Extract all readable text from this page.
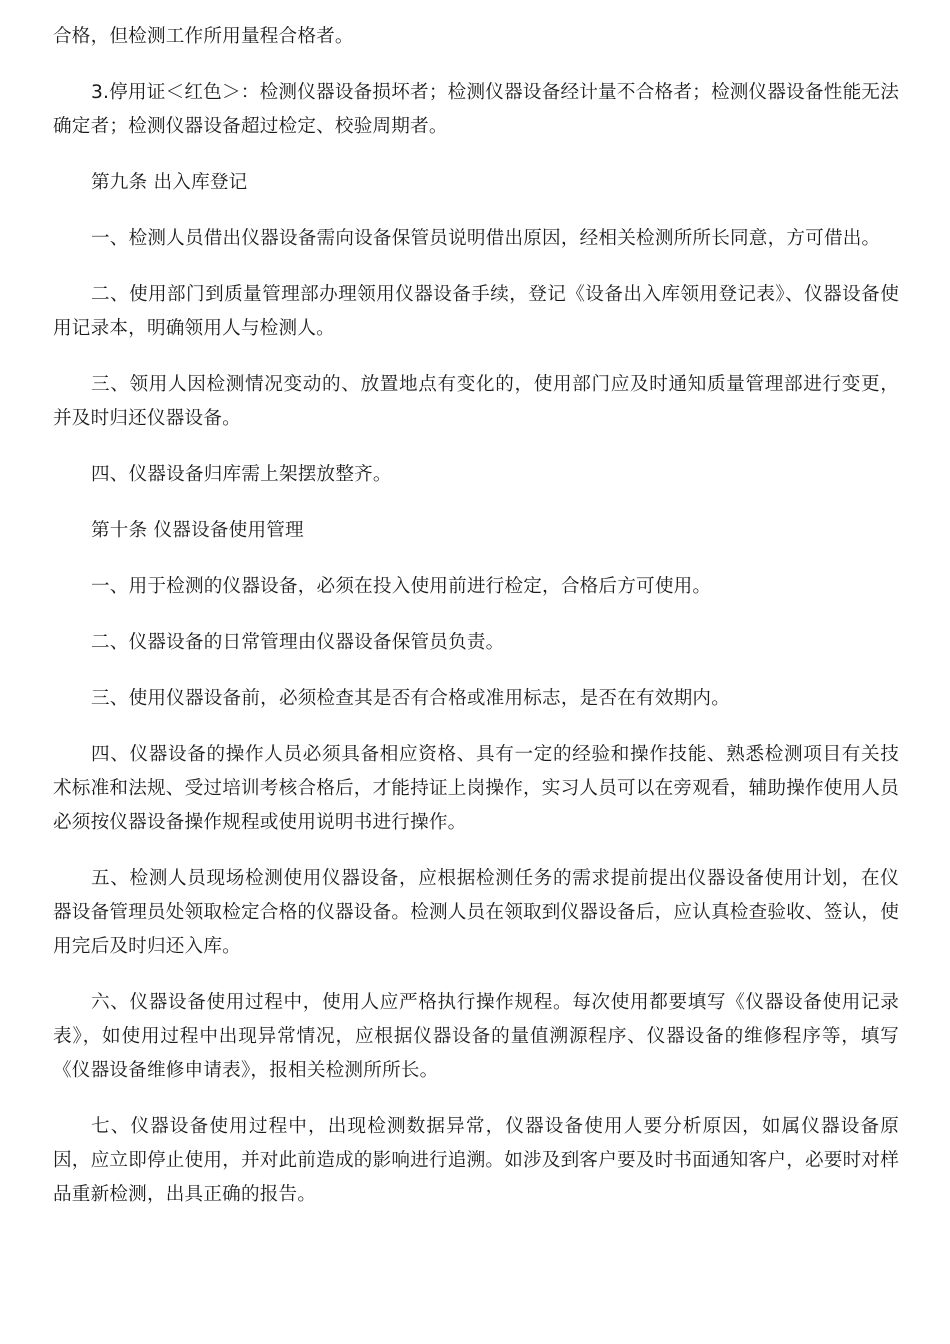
合格，但检测工作所用量程合格者。

3.停用证＜红色＞：检测仪器设备损坏者；检测仪器设备经计量不合格者；检测仪器设备性能无法确定者；检测仪器设备超过检定、校验周期者。

第九条 出入库登记

一、检测人员借出仪器设备需向设备保管员说明借出原因，经相关检测所所长同意，方可借出。

二、使用部门到质量管理部办理领用仪器设备手续，登记《设备出入库领用登记表》、仪器设备使用记录本，明确领用人与检测人。

三、领用人因检测情况变动的、放置地点有变化的，使用部门应及时通知质量管理部进行变更，并及时归还仪器设备。

四、仪器设备归库需上架摆放整齐。

第十条 仪器设备使用管理

一、用于检测的仪器设备，必须在投入使用前进行检定，合格后方可使用。

二、仪器设备的日常管理由仪器设备保管员负责。

三、使用仪器设备前，必须检查其是否有合格或准用标志，是否在有效期内。

四、仪器设备的操作人员必须具备相应资格、具有一定的经验和操作技能、熟悉检测项目有关技术标准和法规、受过培训考核合格后，才能持证上岗操作，实习人员可以在旁观看，辅助操作使用人员必须按仪器设备操作规程或使用说明书进行操作。

五、检测人员现场检测使用仪器设备，应根据检测任务的需求提前提出仪器设备使用计划，在仪器设备管理员处领取检定合格的仪器设备。检测人员在领取到仪器设备后，应认真检查验收、签认，使用完后及时归还入库。

六、仪器设备使用过程中，使用人应严格执行操作规程。每次使用都要填写《仪器设备使用记录表》，如使用过程中出现异常情况，应根据仪器设备的量值溯源程序、仪器设备的维修程序等，填写《仪器设备维修申请表》，报相关检测所所长。

七、仪器设备使用过程中，出现检测数据异常，仪器设备使用人要分析原因，如属仪器设备原因，应立即停止使用，并对此前造成的影响进行追溯。如涉及到客户要及时书面通知客户，必要时对样品重新检测，出具正确的报告。
